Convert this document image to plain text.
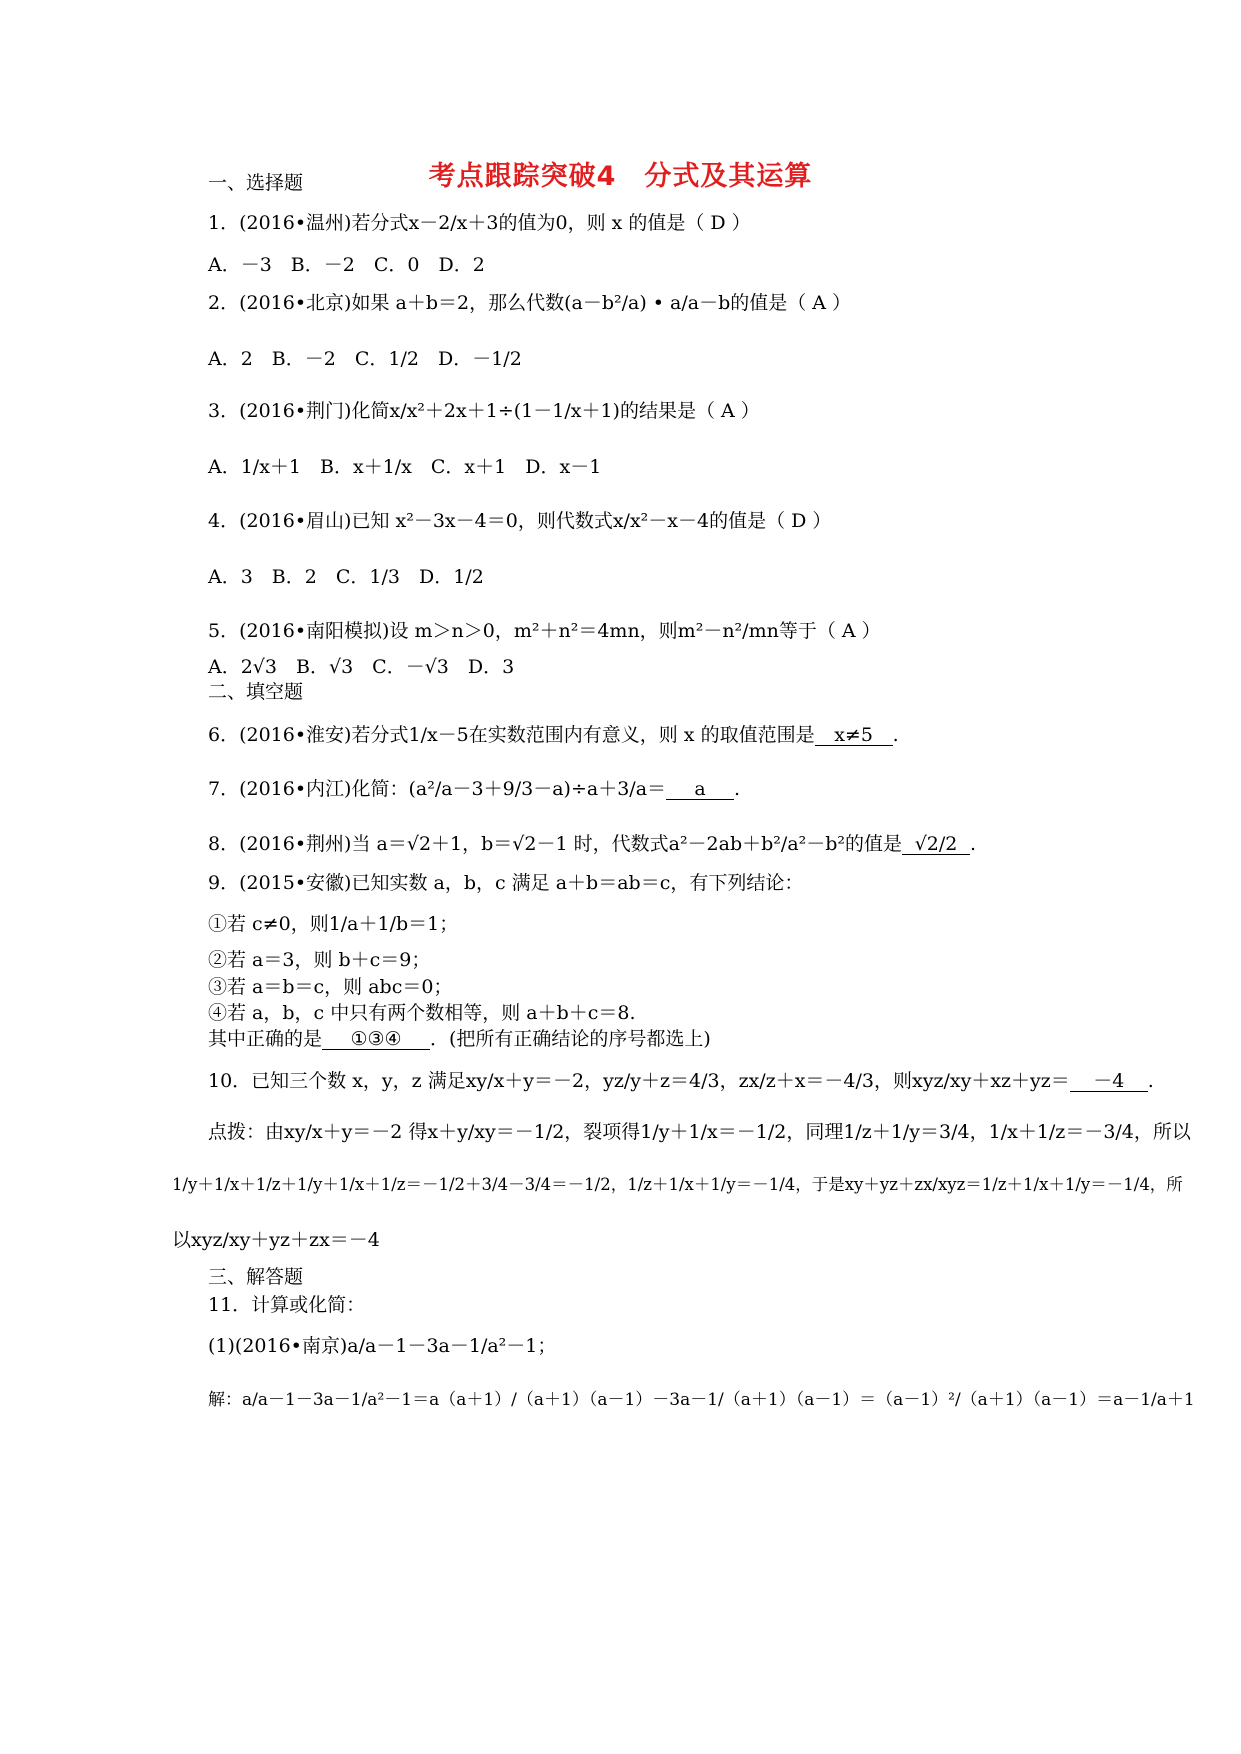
考点跟踪突破4　分式及其运算
一、选择题
1．(2016•温州)若分式x－2/x＋3的值为0，则 x 的值是（ D ）
A．－3　B．－2　C．0　D．2
2．(2016•北京)如果 a＋b＝2，那么代数(a－b²/a) • a/a－b的值是（ A ）
A．2　B．－2　C．1/2　D．－1/2
3．(2016•荆门)化简x/x²＋2x＋1÷(1－1/x＋1)的结果是（ A ）
A．1/x＋1　B．x＋1/x　C．x＋1　D．x－1
4．(2016•眉山)已知 x²－3x－4＝0，则代数式x/x²－x－4的值是（ D ）
A．3　B．2　C．1/3　D．1/2
5．(2016•南阳模拟)设 m＞n＞0，m²＋n²＝4mn，则m²－n²/mn等于（ A ）
A．2√3　B．√3　C．－√3　D．3
二、填空题
6．(2016•淮安)若分式1/x－5在实数范围内有意义，则 x 的取值范围是 x≠5 .
7．(2016•内江)化简：(a²/a－3＋9/3－a)÷a＋3/a＝ a .
8．(2016•荆州)当 a＝√2＋1，b＝√2－1 时，代数式a²－2ab＋b²/a²－b²的值是 √2/2 .
9．(2015•安徽)已知实数 a，b，c 满足 a＋b＝ab＝c，有下列结论：
①若 c≠0，则1/a＋1/b＝1；
②若 a＝3，则 b＋c＝9；
③若 a＝b＝c，则 abc＝0；
④若 a，b，c 中只有两个数相等，则 a＋b＋c＝8.
其中正确的是 ①③④ ．(把所有正确结论的序号都选上)
10．已知三个数 x，y，z 满足xy/x＋y＝－2，yz/y＋z＝4/3，zx/z＋x＝－4/3，则xyz/xy＋xz＋yz＝ －4 .
点拨：由xy/x＋y＝－2 得x＋y/xy＝－1/2，裂项得1/y＋1/x＝－1/2，同理1/z＋1/y＝3/4，1/x＋1/z＝－3/4，所以
1/y＋1/x＋1/z＋1/y＋1/x＋1/z＝－1/2＋3/4－3/4＝－1/2，1/z＋1/x＋1/y＝－1/4，于是xy＋yz＋zx/xyz＝1/z＋1/x＋1/y＝－1/4，所
以xyz/xy＋yz＋zx＝－4
三、解答题
11．计算或化简：
(1)(2016•南京)a/a－1－3a－1/a²－1；
解：a/a－1－3a－1/a²－1＝a（a＋1）/（a＋1）（a－1）－3a－1/（a＋1）（a－1）＝（a－1）²/（a＋1）（a－1）＝a－1/a＋1
